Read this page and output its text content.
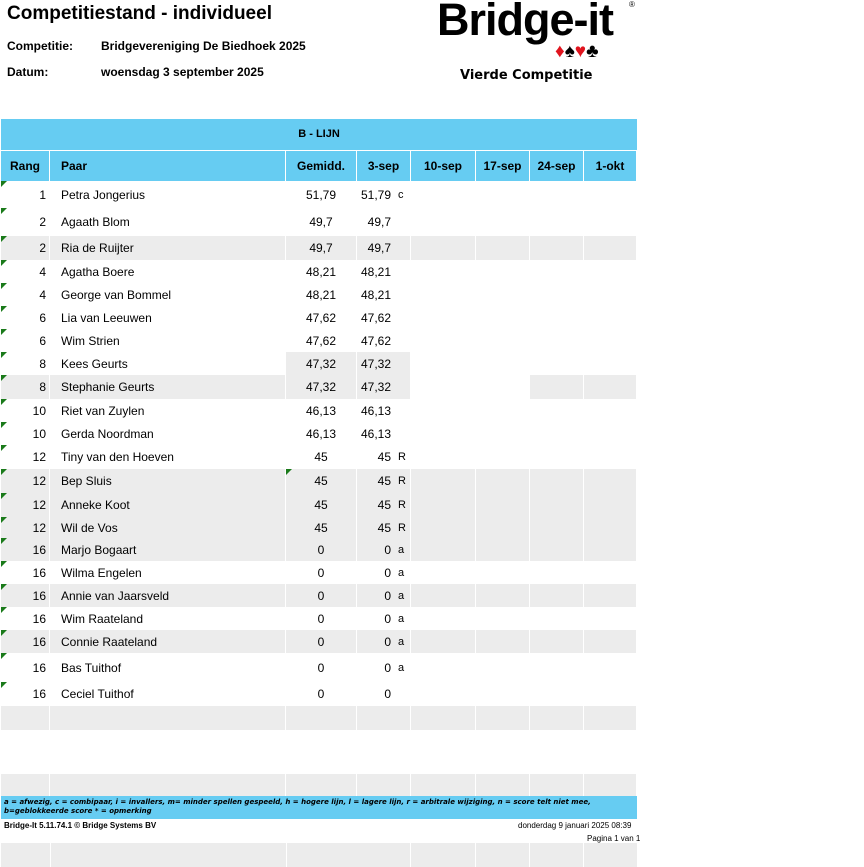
Competitiestand - individueel
Competitie: Bridgevereniging De Biedhoek 2025
Datum:	woensdag 3 september 2025
Bridge-it ®
♦♠♥♣
Vierde Competitie
B - LIJN
Rang	Paar	Gemidd.	3-sep	10-sep	17-sep	24-sep	1-okt
1 Petra Jongerius	51,79 51,79 c
2 Agaath Blom	49,7	49,7
2 Ria de Ruijter	49,7	49,7
4 Agatha Boere	48,21 48,21
4 George van Bommel	48,21 48,21
6 Lia van Leeuwen	47,62 47,62
6 Wim Strien	47,62 47,62
8 Kees Geurts	47,32 47,32
8 Stephanie Geurts	47,32 47,32
10 Riet van Zuylen	46,13 46,13
10 Gerda Noordman	46,13 46,13
12 Tiny van den Hoeven	45	45 R
12 Bep Sluis	45	45 R
12 Anneke Koot	45	45 R
12 Wil de Vos	45	45 R
16 Marjo Bogaart	0	0 a
16 Wilma Engelen	0	0 a
16 Annie van Jaarsveld	0	0 a
16 Wim Raateland	0	0 a
16 Connie Raateland	0	0 a
16 Bas Tuithof	0	0 a
16 Ceciel Tuithof	0	0
a = afwezig, c = combipaar, i = invallers, m= minder spellen gespeeld, h = hogere lijn, l = lagere lijn, r = arbitrale wijziging, n = score telt niet mee, b=geblokkeerde score * = opmerking
Bridge-It 5.11.74.1 © Bridge Systems BV	donderdag 9 januari 2025 08:39
Pagina 1 van 1
